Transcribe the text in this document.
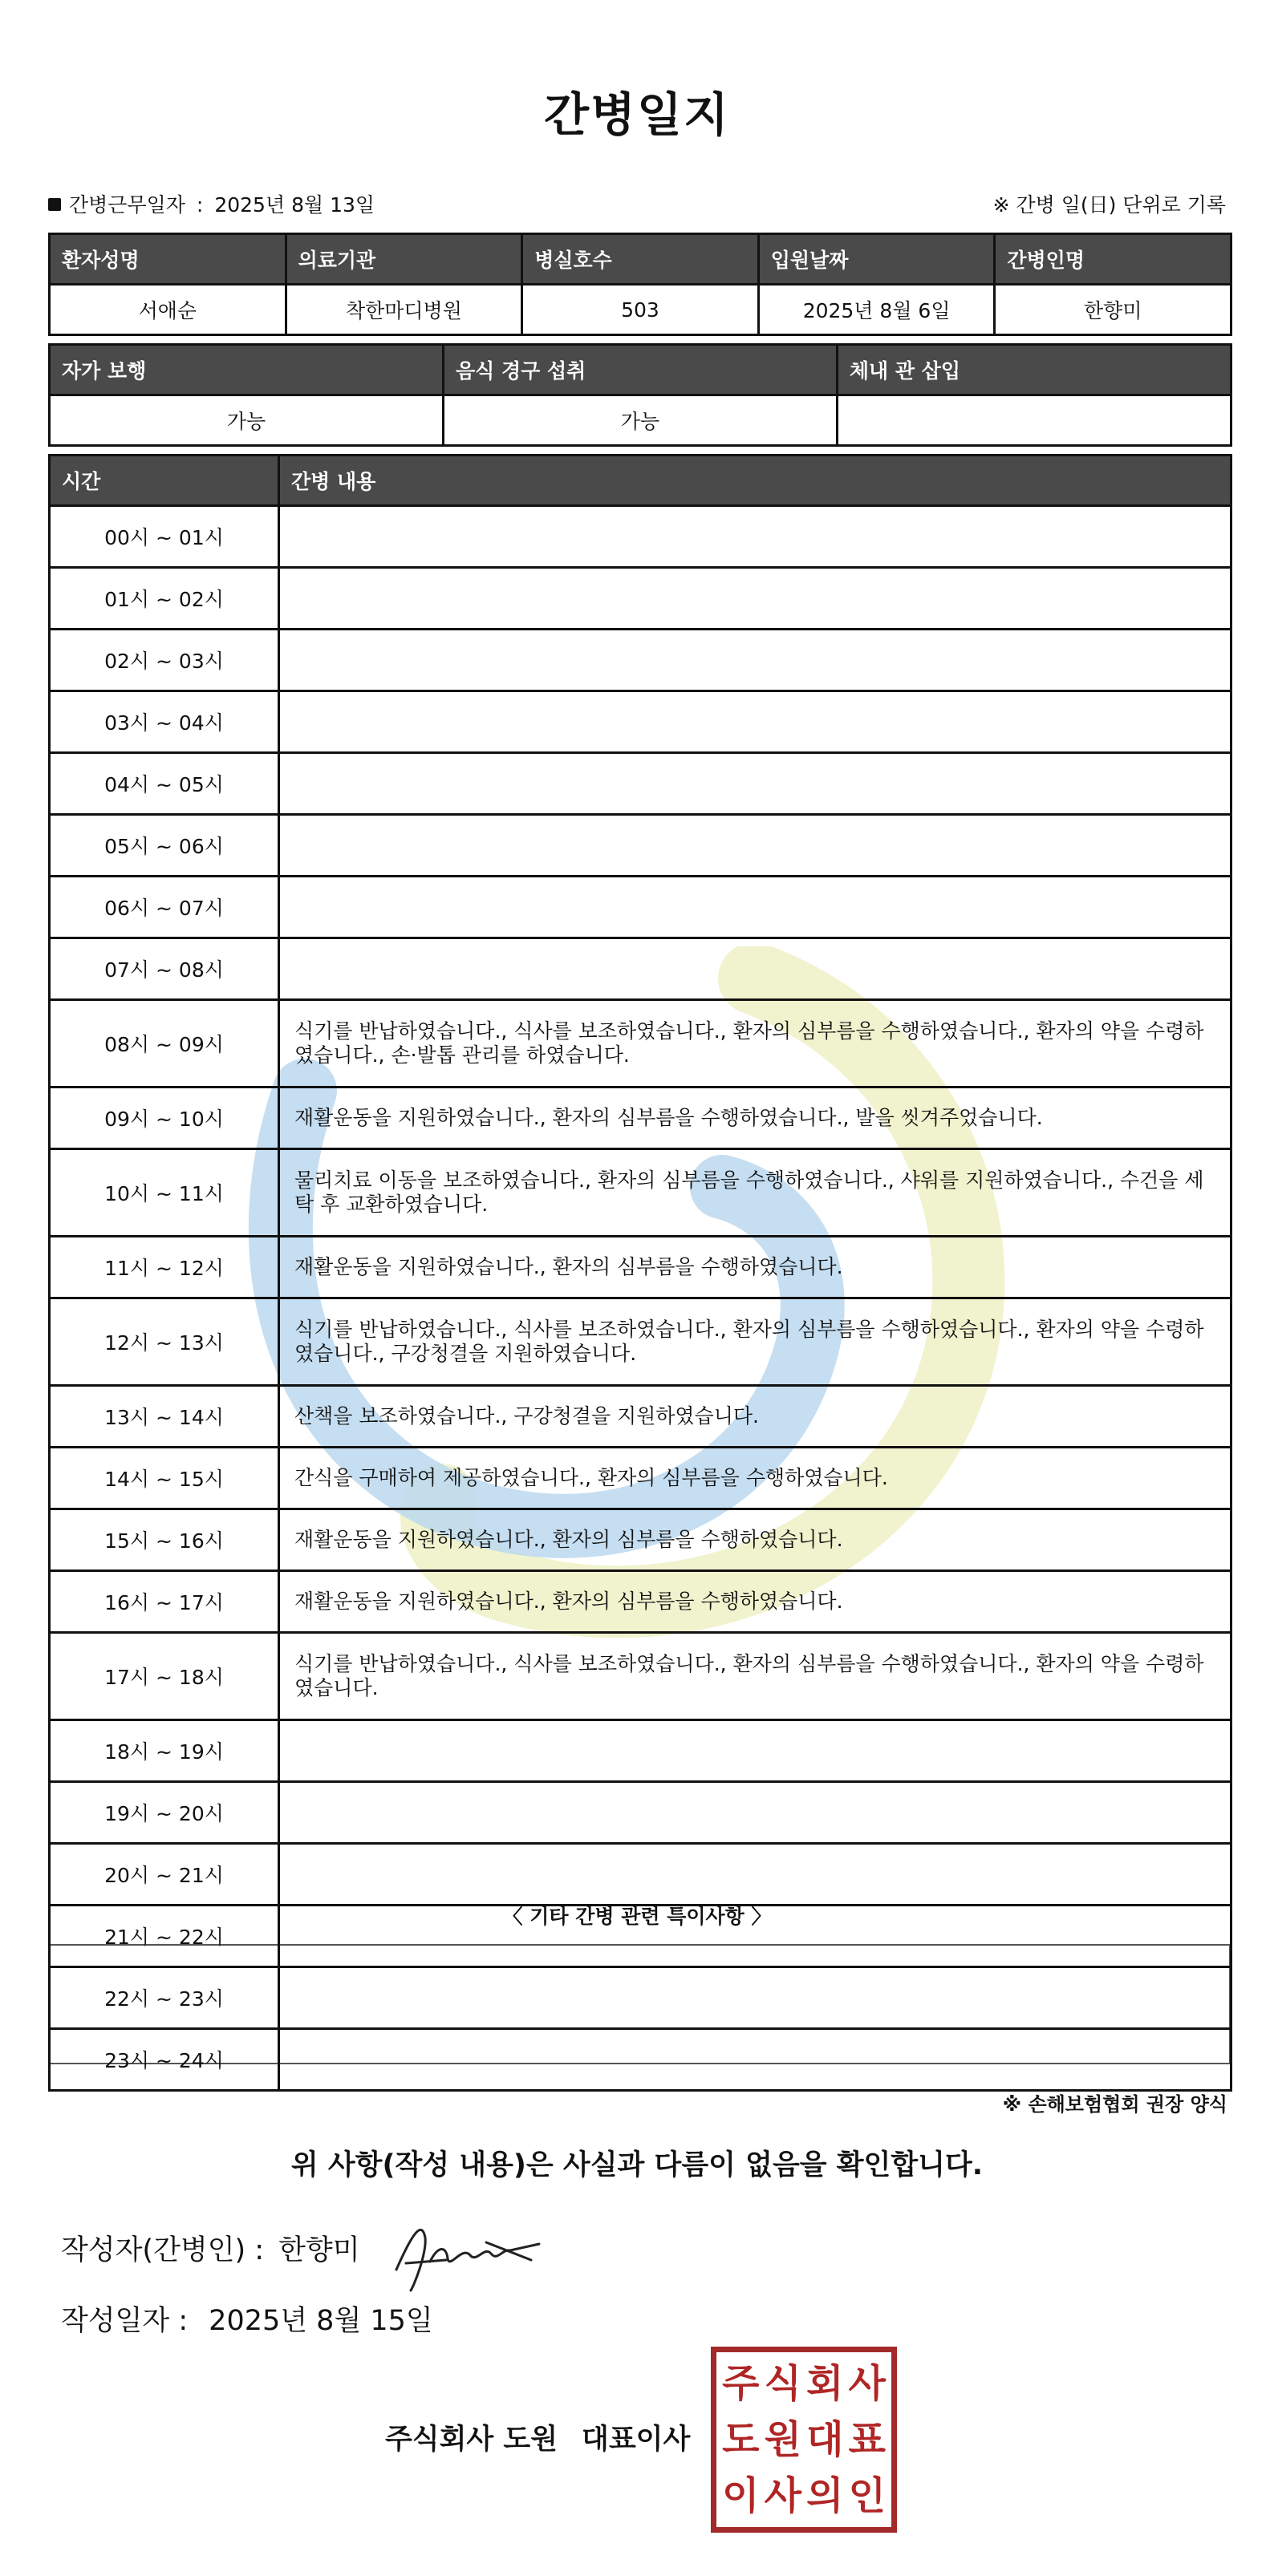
간병일지
간병근무일자 : 2025년 8월 13일	※ 간병 일(日) 단위로 기록
환자성명	의료기관	병실호수	입원날짜	간병인명
서애순	착한마디병원	503	2025년 8월 6일	한향미
자가 보행	음식 경구 섭취	체내 관 삽입
가능	가능	
시간	간병 내용
00시 ~ 01시	
01시 ~ 02시	
02시 ~ 03시	
03시 ~ 04시	
04시 ~ 05시	
05시 ~ 06시	
06시 ~ 07시	
07시 ~ 08시	
08시 ~ 09시	식기를 반납하였습니다., 식사를 보조하였습니다., 환자의 심부름을 수행하였습니다., 환자의 약을 수령하였습니다., 손·발톱 관리를 하였습니다.
09시 ~ 10시	재활운동을 지원하였습니다., 환자의 심부름을 수행하였습니다., 발을 씻겨주었습니다.
10시 ~ 11시	물리치료 이동을 보조하였습니다., 환자의 심부름을 수행하였습니다., 샤워를 지원하였습니다., 수건을 세탁 후 교환하였습니다.
11시 ~ 12시	재활운동을 지원하였습니다., 환자의 심부름을 수행하였습니다.
12시 ~ 13시	식기를 반납하였습니다., 식사를 보조하였습니다., 환자의 심부름을 수행하였습니다., 환자의 약을 수령하였습니다., 구강청결을 지원하였습니다.
13시 ~ 14시	산책을 보조하였습니다., 구강청결을 지원하였습니다.
14시 ~ 15시	간식을 구매하여 제공하였습니다., 환자의 심부름을 수행하였습니다.
15시 ~ 16시	재활운동을 지원하였습니다., 환자의 심부름을 수행하였습니다.
16시 ~ 17시	재활운동을 지원하였습니다., 환자의 심부름을 수행하였습니다.
17시 ~ 18시	식기를 반납하였습니다., 식사를 보조하였습니다., 환자의 심부름을 수행하였습니다., 환자의 약을 수령하였습니다.
18시 ~ 19시	
19시 ~ 20시	
20시 ~ 21시	
21시 ~ 22시	
22시 ~ 23시	
23시 ~ 24시	
〈 기타 간병 관련 특이사항 〉
※ 손해보험협회 권장 양식
위 사항(작성 내용)은 사실과 다름이 없음을 확인합니다.
작성자(간병인) : 한향미
작성일자 : 2025년 8월 15일
주식회사 도원 대표이사
주 식 회 사
도 원 대 표
이 사 의 인
